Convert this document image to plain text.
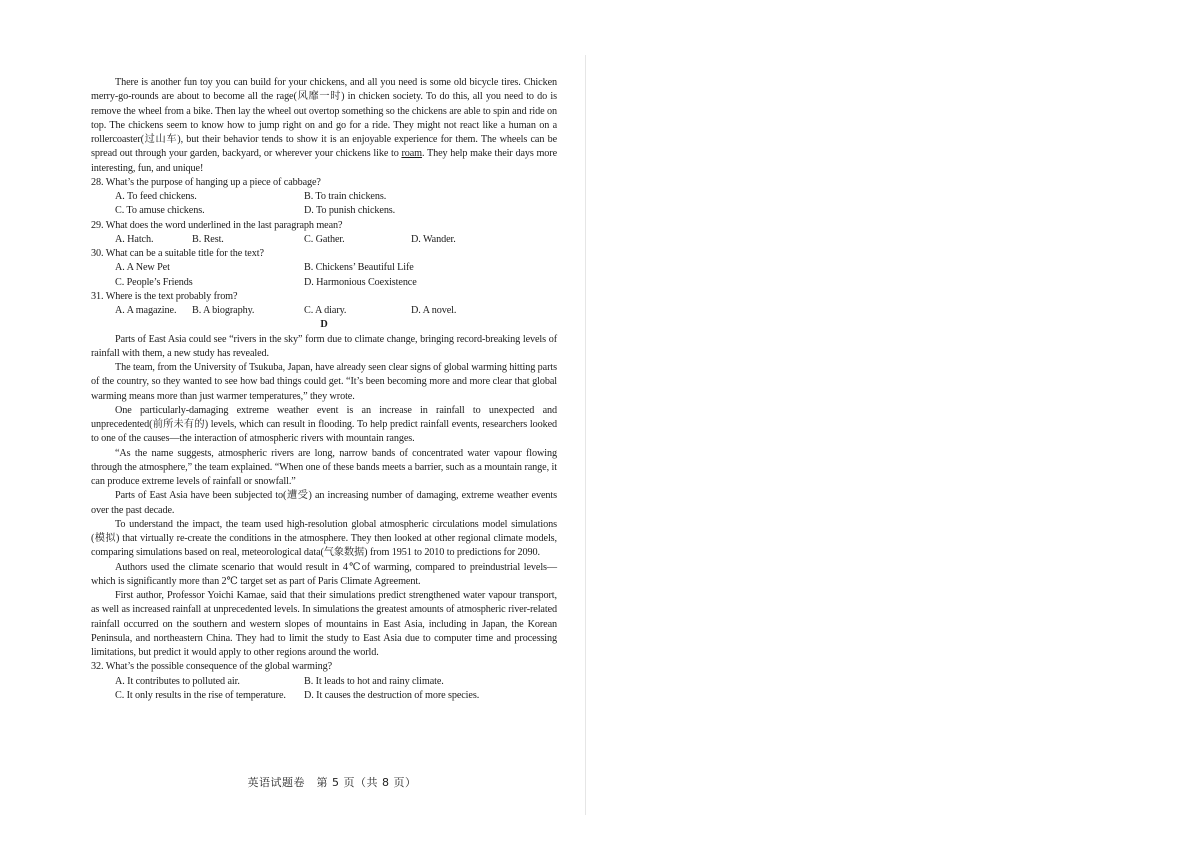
There is another fun toy you can build for your chickens, and all you need is some old bicycle tires. Chicken merry-go-rounds are about to become all the rage(风靡一时) in chicken society. To do this, all you need to do is remove the wheel from a bike. Then lay the wheel out overtop something so the chickens are able to spin and ride on top. The chickens seem to know how to jump right on and go for a ride. They might not react like a human on a rollercoaster(过山车), but their behavior tends to show it is an enjoyable experience for them. The wheels can be spread out through your garden, backyard, or wherever your chickens like to roam. They help make their days more interesting, fun, and unique!

28. What’s the purpose of hanging up a piece of cabbage?

A. To feed chickens.	B. To train chickens.
C. To amuse chickens.	D. To punish chickens.

29. What does the word underlined in the last paragraph mean?

A. Hatch.	B. Rest.	C. Gather.	D. Wander.

30. What can be a suitable title for the text?

A. A New Pet	B. Chickens’ Beautiful Life
C. People’s Friends	D. Harmonious Coexistence

31. Where is the text probably from?

A. A magazine.	B. A biography.	C. A diary.	D. A novel.

D

Parts of East Asia could see “rivers in the sky” form due to climate change, bringing record-breaking levels of rainfall with them, a new study has revealed.

The team, from the University of Tsukuba, Japan, have already seen clear signs of global warming hitting parts of the country, so they wanted to see how bad things could get. “It’s been becoming more and more clear that global warming means more than just warmer temperatures,” they wrote.

One particularly-damaging extreme weather event is an increase in rainfall to unexpected and unprecedented(前所未有的) levels, which can result in flooding. To help predict rainfall events, researchers looked to one of the causes—the interaction of atmospheric rivers with mountain ranges.

“As the name suggests, atmospheric rivers are long, narrow bands of concentrated water vapour flowing through the atmosphere,” the team explained. “When one of these bands meets a barrier, such as a mountain range, it can produce extreme levels of rainfall or snowfall.”

Parts of East Asia have been subjected to(遭受) an increasing number of damaging, extreme weather events over the past decade.

To understand the impact, the team used high-resolution global atmospheric circulations model simulations (模拟) that virtually re-create the conditions in the atmosphere. They then looked at other regional climate models, comparing simulations based on real, meteorological data(气象数据) from 1951 to 2010 to predictions for 2090.

Authors used the climate scenario that would result in 4℃of warming, compared to preindustrial levels—which is significantly more than 2℃ target set as part of Paris Climate Agreement.

First author, Professor Yoichi Kamae, said that their simulations predict strengthened water vapour transport, as well as increased rainfall at unprecedented levels. In simulations the greatest amounts of atmospheric river-related rainfall occurred on the southern and western slopes of mountains in East Asia, including in Japan, the Korean Peninsula, and northeastern China. They had to limit the study to East Asia due to computer time and processing limitations, but predict it would apply to other regions around the world.

32. What’s the possible consequence of the global warming?

A. It contributes to polluted air.	B. It leads to hot and rainy climate.
C. It only results in the rise of temperature.	D. It causes the destruction of more species.
英语试题卷　第 5 页（共 8 页）
